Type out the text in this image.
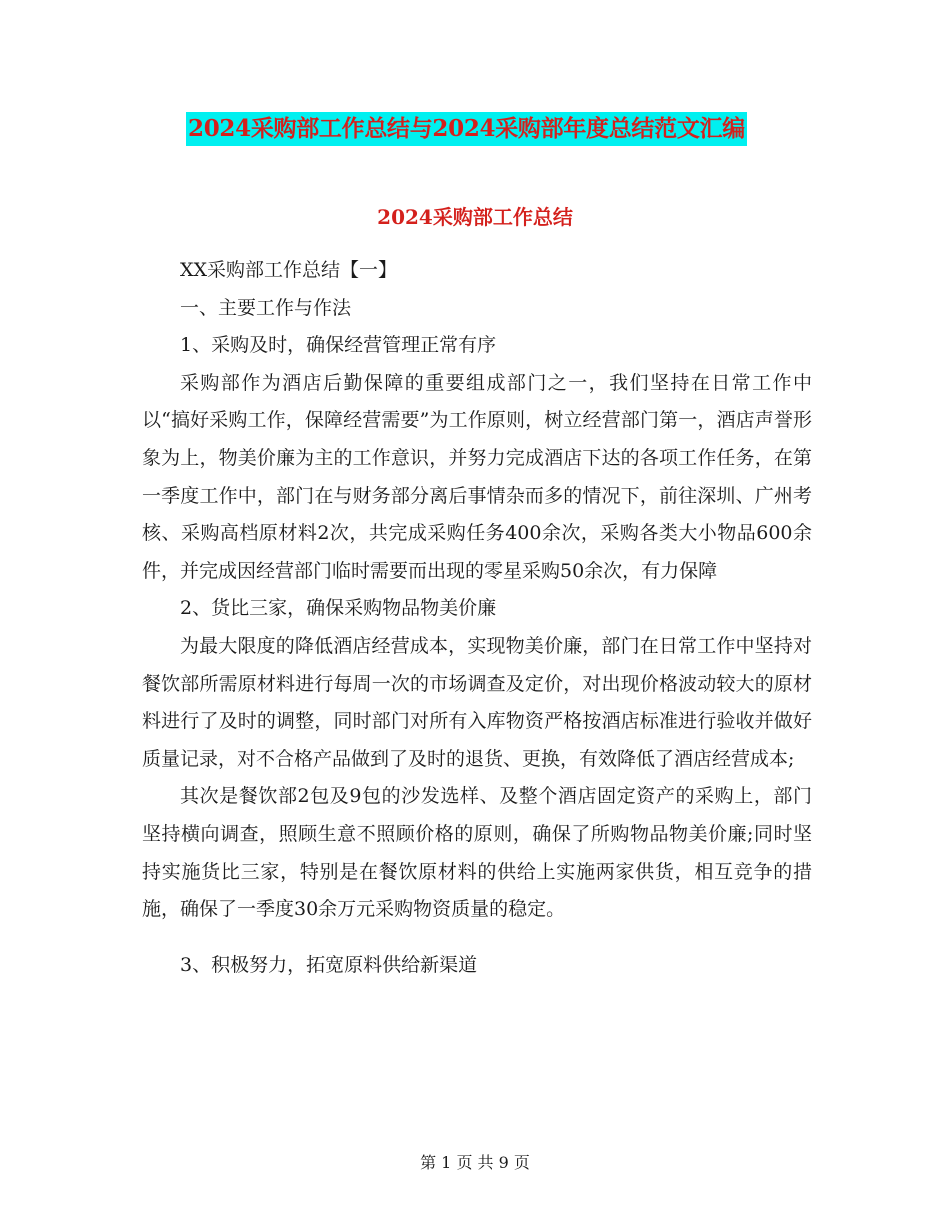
2024采购部工作总结与2024采购部年度总结范文汇编
2024采购部工作总结

XX采购部工作总结【一】

一、主要工作与作法

1、采购及时，确保经营管理正常有序

采购部作为酒店后勤保障的重要组成部门之一，我们坚持在日常工作中以“搞好采购工作，保障经营需要”为工作原则，树立经营部门第一，酒店声誉形象为上，物美价廉为主的工作意识，并努力完成酒店下达的各项工作任务，在第一季度工作中，部门在与财务部分离后事情杂而多的情况下，前往深圳、广州考核、采购高档原材料2次，共完成采购任务400余次，采购各类大小物品600余件，并完成因经营部门临时需要而出现的零星采购50余次，有力保障

2、货比三家，确保采购物品物美价廉

为最大限度的降低酒店经营成本，实现物美价廉，部门在日常工作中坚持对餐饮部所需原材料进行每周一次的市场调查及定价，对出现价格波动较大的原材料进行了及时的调整，同时部门对所有入库物资严格按酒店标准进行验收并做好质量记录，对不合格产品做到了及时的退货、更换，有效降低了酒店经营成本;

其次是餐饮部2包及9包的沙发选样、及整个酒店固定资产的采购上，部门坚持横向调查，照顾生意不照顾价格的原则，确保了所购物品物美价廉;同时坚持实施货比三家，特别是在餐饮原材料的供给上实施两家供货，相互竞争的措施，确保了一季度30余万元采购物资质量的稳定。

3、积极努力，拓宽原料供给新渠道

第 1 页 共 9 页
